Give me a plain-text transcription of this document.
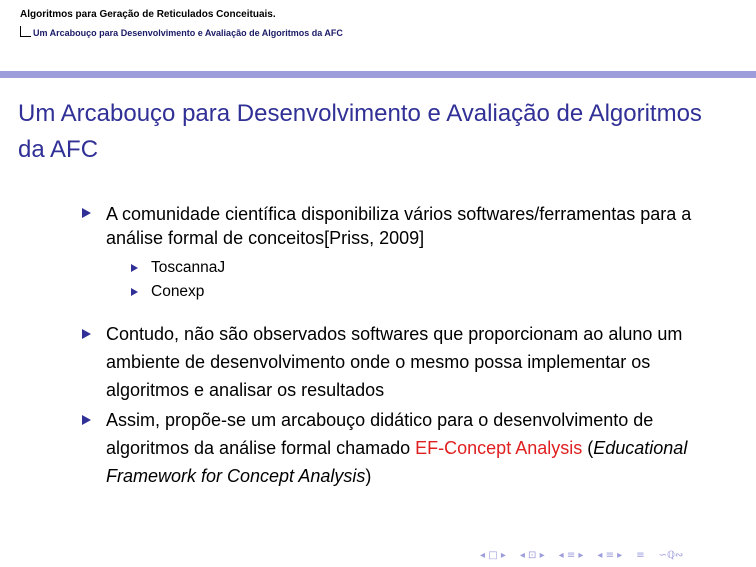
Algoritmos para Geração de Reticulados Conceituais.
Um Arcabouço para Desenvolvimento e Avaliação de Algoritmos da AFC
Um Arcabouço para Desenvolvimento e Avaliação de Algoritmos da AFC
A comunidade científica disponibiliza vários softwares/ferramentas para a análise formal de conceitos[Priss, 2009]
ToscannaJ
Conexp
Contudo, não são observados softwares que proporcionam ao aluno um ambiente de desenvolvimento onde o mesmo possa implementar os algoritmos e analisar os resultados
Assim, propõe-se um arcabouço didático para o desenvolvimento de algoritmos da análise formal chamado EF-Concept Analysis (Educational Framework for Concept Analysis)
◂ □ ▸ ◂ ⊡ ▸ ◂ ≡ ▸ ◂ ≡ ▸ ≡ ∽ℚ∾
